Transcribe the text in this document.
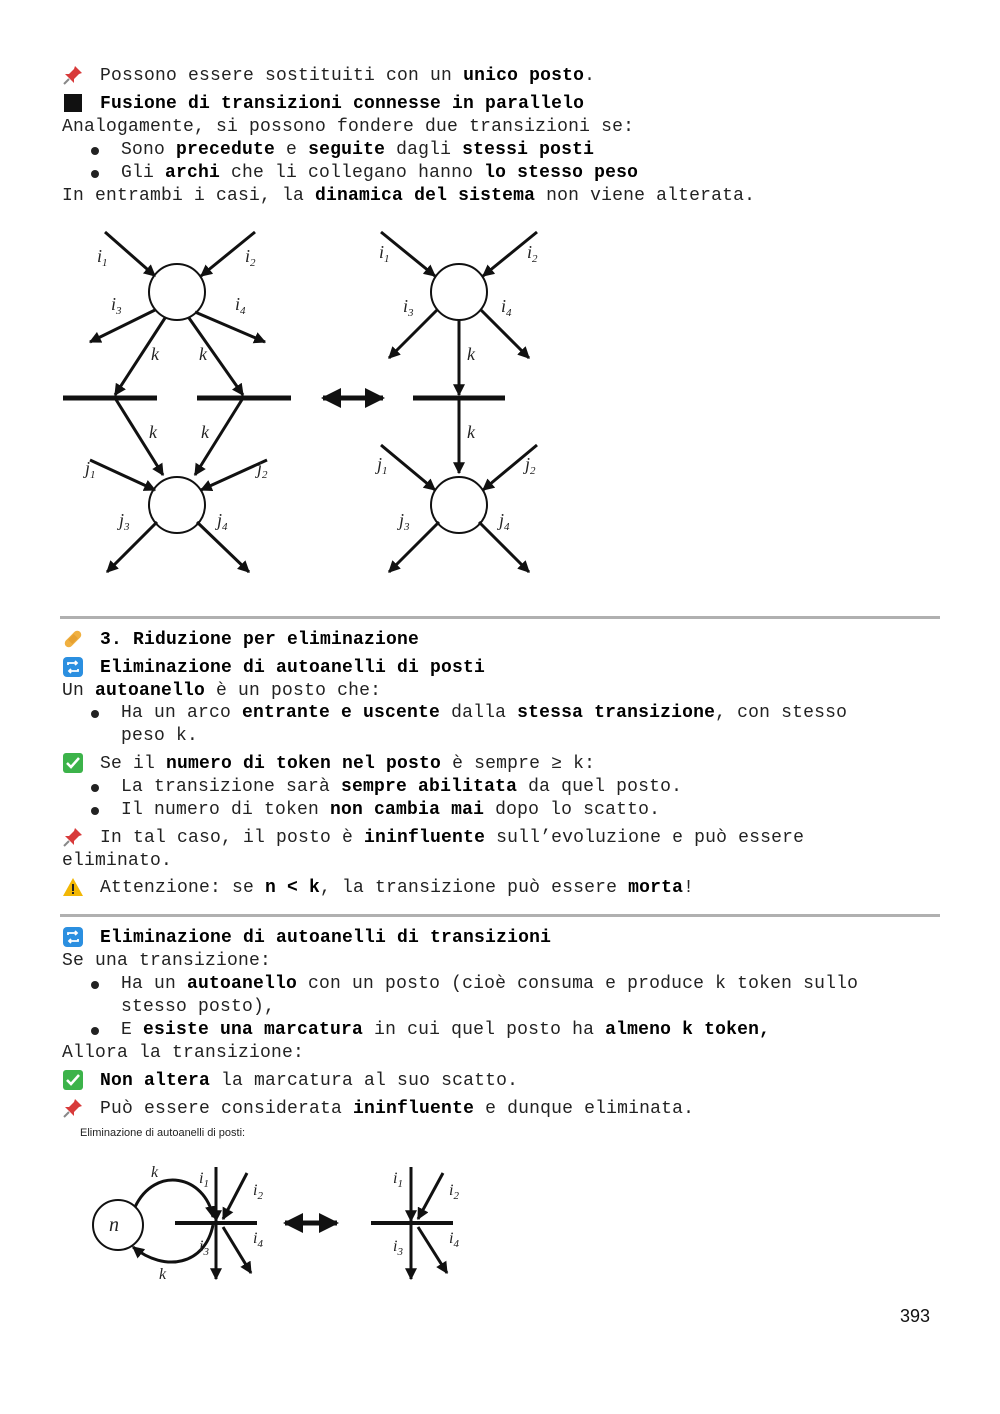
Possono essere sostituiti con un unico posto.
Fusione di transizioni connesse in parallelo
Analogamente, si possono fondere due transizioni se:
Sono precedute e seguite dagli stessi posti
Gli archi che li collegano hanno lo stesso peso
In entrambi i casi, la dinamica del sistema non viene alterata.
$i_1$	$i_2$
$i_3$	$i_4$
k k
k k
$j_1$	$j_2$
$j_3$	$j_4$
$i_1$	$i_2$
$i_3$	$i_4$
k
k
$j_1$	$j_2$
$j_3$	$j_4$
3. Riduzione per eliminazione
Eliminazione di autoanelli di posti
Un autoanello è un posto che:
Ha un arco entrante e uscente dalla stessa transizione, con stesso
peso k.
Se il numero di token nel posto è sempre ≥ k:
La transizione sarà sempre abilitata da quel posto.
Il numero di token non cambia mai dopo lo scatto.
In tal caso, il posto è ininfluente sull’evoluzione e può essere
eliminato.
Attenzione: se n < k, la transizione può essere morta!
Eliminazione di autoanelli di transizioni
Se una transizione:
Ha un autoanello con un posto (cioè consuma e produce k token sullo
stesso posto),
E esiste una marcatura in cui quel posto ha almeno k token,
Allora la transizione:
Non altera la marcatura al suo scatto.
Può essere considerata ininfluente e dunque eliminata.
Eliminazione di autoanelli di posti:
n
k
k
$i_1$	$i_2$
$i_3$
$i_4$
$i_1$	$i_2$
$i_3$
$i_4$
393
